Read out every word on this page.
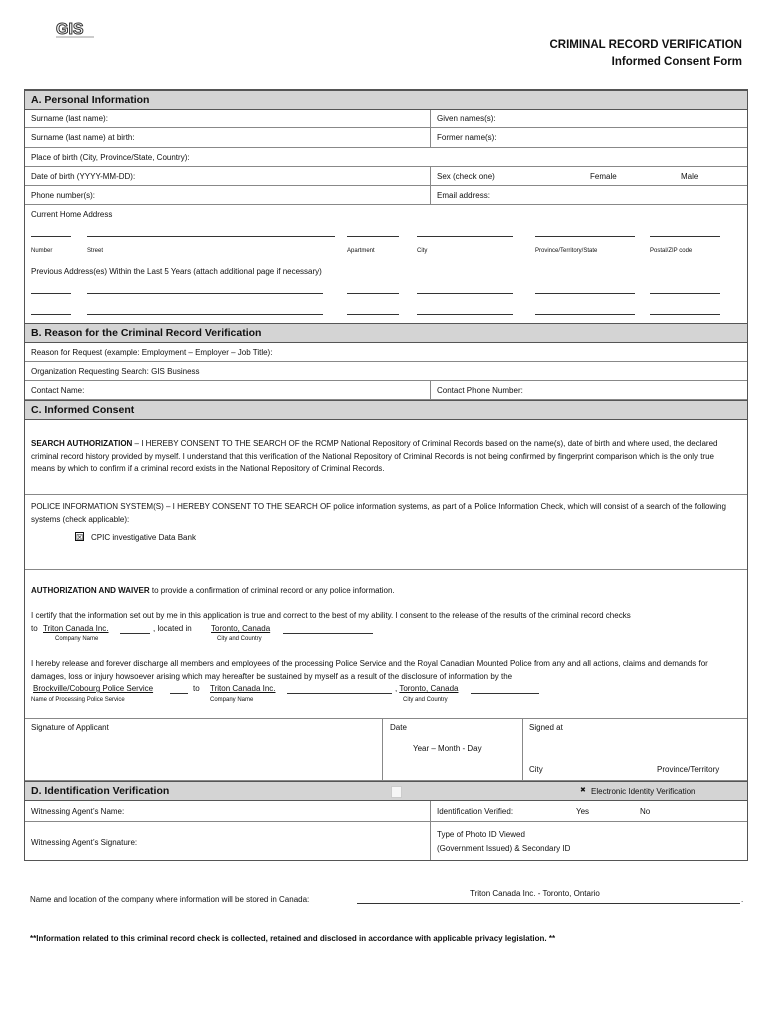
GIS
CRIMINAL RECORD VERIFICATION
Informed Consent Form
A. Personal Information
Surname (last name):	Given names(s):
Surname (last name) at birth:	Former name(s):
Place of birth (City, Province/State, Country):
Date of birth (YYYY-MM-DD):	Sex (check one)	Female	Male
Phone number(s):	Email address:
Current Home Address
Number	Street	Apartment	City	Province/Territory/State	Postal/ZIP code
Previous Address(es) Within the Last 5 Years (attach additional page if necessary)
B. Reason for the Criminal Record Verification
Reason for Request (example: Employment – Employer – Job Title):
Organization Requesting Search: GIS Business
Contact Name:	Contact Phone Number:
C. Informed Consent
SEARCH AUTHORIZATION – I HEREBY CONSENT TO THE SEARCH OF the RCMP National Repository of Criminal Records based on the name(s), date of birth and where used, the declared criminal record history provided by myself. I understand that this verification of the National Repository of Criminal Records is not being confirmed by fingerprint comparison which is the only true means by which to confirm if a criminal record exists in the National Repository of Criminal Records.
POLICE INFORMATION SYSTEM(S) – I HEREBY CONSENT TO THE SEARCH OF police information systems, as part of a Police Information Check, which will consist of a search of the following systems (check applicable):
☒ CPIC investigative Data Bank
AUTHORIZATION AND WAIVER to provide a confirmation of criminal record or any police information.
I certify that the information set out by me in this application is true and correct to the best of my ability. I consent to the release of the results of the criminal record checks
to Triton Canada Inc.	, located in Toronto, Canada
Company Name	City and Country
I hereby release and forever discharge all members and employees of the processing Police Service and the Royal Canadian Mounted Police from any and all actions, claims and demands for damages, loss or injury howsoever arising which may hereafter be sustained by myself as a result of the disclosure of information by the
Brockville/Cobourg Police Service	to Triton Canada Inc.	, Toronto, Canada
Name of Processing Police Service	Company Name	City and Country
Signature of Applicant	Date
Year – Month - Day
Signed at
City	Province/Territory
D. Identification Verification	✖ Electronic Identity Verification
Witnessing Agent’s Name:	Identification Verified:	Yes	No
Witnessing Agent’s Signature:
Type of Photo ID Viewed
(Government Issued) & Secondary ID
Name and location of the company where information will be stored in Canada:	.
Triton Canada Inc. - Toronto, Ontario
**Information related to this criminal record check is collected, retained and disclosed in accordance with applicable privacy legislation. **
